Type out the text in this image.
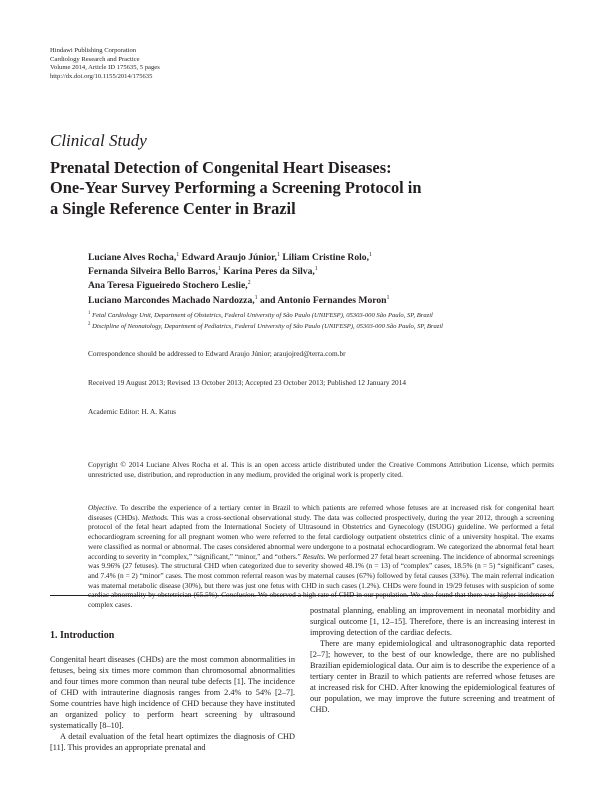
Hindawi Publishing Corporation
Cardiology Research and Practice
Volume 2014, Article ID 175635, 5 pages
http://dx.doi.org/10.1155/2014/175635
Clinical Study
Prenatal Detection of Congenital Heart Diseases:
One-Year Survey Performing a Screening Protocol in
a Single Reference Center in Brazil
Luciane Alves Rocha,$^1$ Edward Araujo Júnior,$^1$ Liliam Cristine Rolo,$^1$
Fernanda Silveira Bello Barros,$^1$ Karina Peres da Silva,$^1$
Ana Teresa Figueiredo Stochero Leslie,$^2$
Luciano Marcondes Machado Nardozza,$^1$ and Antonio Fernandes Moron$^1$
$^1$ Fetal Cardiology Unit, Department of Obstetrics, Federal University of São Paulo (UNIFESP), 05303-000 São Paulo, SP, Brazil
$^2$ Discipline of Neonatology, Department of Pediatrics, Federal University of São Paulo (UNIFESP), 05303-000 São Paulo, SP, Brazil
Correspondence should be addressed to Edward Araujo Júnior; araujojred@terra.com.br
Received 19 August 2013; Revised 13 October 2013; Accepted 23 October 2013; Published 12 January 2014
Academic Editor: H. A. Katus
Copyright © 2014 Luciane Alves Rocha et al. This is an open access article distributed under the Creative Commons Attribution License, which permits unrestricted use, distribution, and reproduction in any medium, provided the original work is properly cited.
Objective. To describe the experience of a tertiary center in Brazil to which patients are referred whose fetuses are at increased risk for congenital heart diseases (CHDs). Methods. This was a cross-sectional observational study. The data was collected prospectively, during the year 2012, through a screening protocol of the fetal heart adapted from the International Society of Ultrasound in Obstetrics and Gynecology (ISUOG) guideline. We performed a fetal echocardiogram screening for all pregnant women who were referred to the fetal cardiology outpatient obstetrics clinic of a university hospital. The exams were classified as normal or abnormal. The cases considered abnormal were undergone to a postnatal echocardiogram. We categorized the abnormal fetal heart according to severity in “complex,” “significant,” “minor,” and “others.” Results. We performed 27 fetal heart screening. The incidence of abnormal screenings was 9.96% (27 fetuses). The structural CHD when categorized due to severity showed 48.1% (n = 13) of “complex” cases, 18.5% (n = 5) “significant” cases, and 7.4% (n = 2) “minor” cases. The most common referral reason was by maternal causes (67%) followed by fetal causes (33%). The main referral indication was maternal metabolic disease (30%), but there was just one fetus with CHD in such cases (1.2%). CHDs were found in 19/29 fetuses with suspicion of some cardiac abnormality by obstetrician (65.5%). Conclusion. We observed a high rate of CHD in our population. We also found that there was higher incidence of complex cases.
1. Introduction

Congenital heart diseases (CHDs) are the most common abnormalities in fetuses, being six times more common than chromosomal abnormalities and four times more common than neural tube defects [1]. The incidence of CHD with intrauterine diagnosis ranges from 2.4% to 54% [2–7]. Some countries have high incidence of CHD because they have instituted an organized policy to perform heart screening by ultrasound systematically [8–10].

A detail evaluation of the fetal heart optimizes the diagnosis of CHD [11]. This provides an appropriate prenatal and

postnatal planning, enabling an improvement in neonatal morbidity and surgical outcome [1, 12–15]. Therefore, there is an increasing interest in improving detection of the cardiac defects.

There are many epidemiological and ultrasonographic data reported [2–7]; however, to the best of our knowledge, there are no published Brazilian epidemiological data. Our aim is to describe the experience of a tertiary center in Brazil to which patients are referred whose fetuses are at increased risk for CHD. After knowing the epidemiological features of our population, we may improve the future screening and treatment of CHD.
